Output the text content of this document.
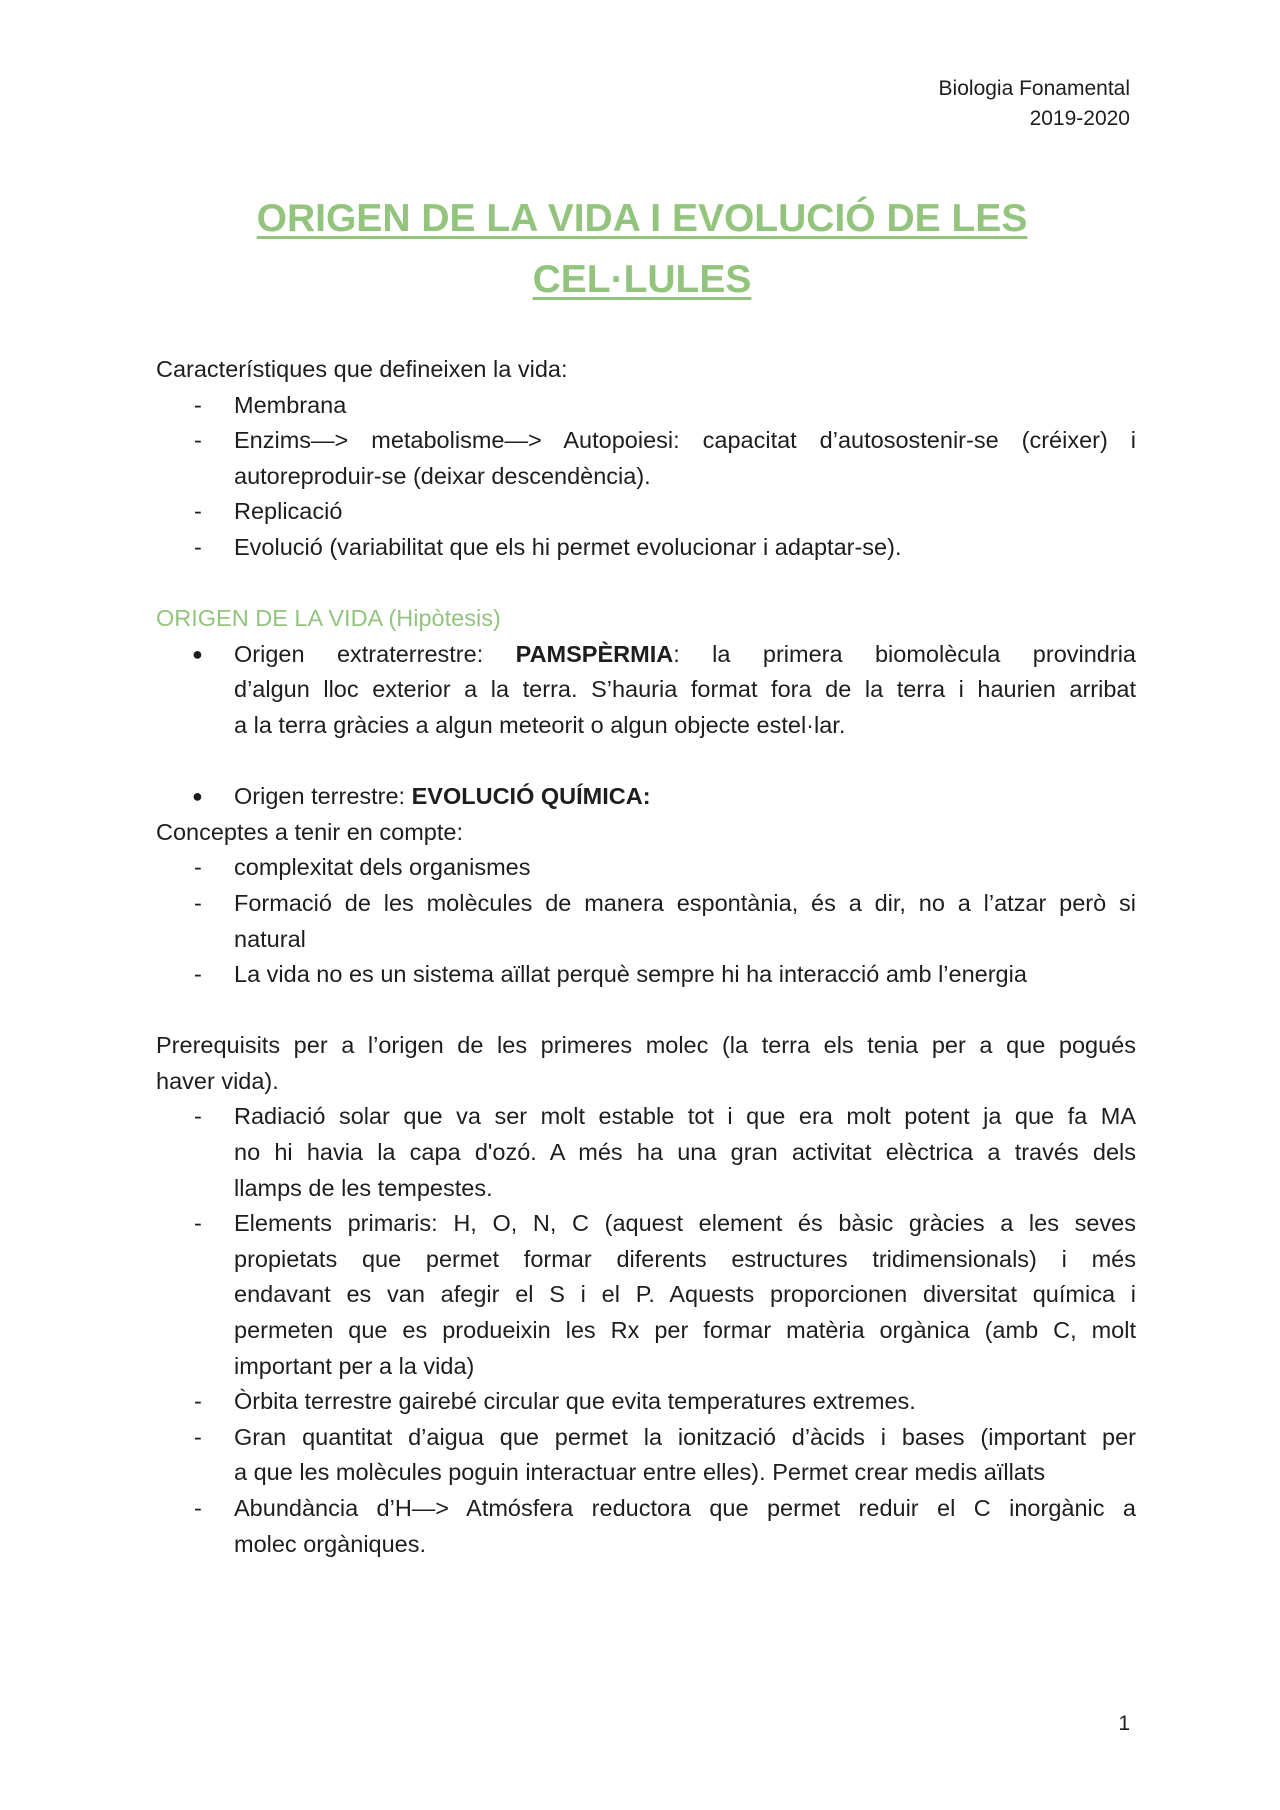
Biologia Fonamental
2019-2020
ORIGEN DE LA VIDA I EVOLUCIÓ DE LES
CEL·LULES
Característiques que defineixen la vida:
- Membrana
- Enzims—> metabolisme—> Autopoiesi: capacitat d’autosostenir-se (créixer) i
autoreproduir-se (deixar descendència).
- Replicació
- Evolució (variabilitat que els hi permet evolucionar i adaptar-se).
ORIGEN DE LA VIDA (Hipòtesis)
● Origen extraterrestre: PAMSPÈRMIA: la primera biomolècula provindria
d’algun lloc exterior a la terra. S’hauria format fora de la terra i haurien arribat
a la terra gràcies a algun meteorit o algun objecte estel·lar.
● Origen terrestre: EVOLUCIÓ QUÍMICA:
Conceptes a tenir en compte:
- complexitat dels organismes
- Formació de les molècules de manera espontània, és a dir, no a l’atzar però si
natural
- La vida no es un sistema aïllat perquè sempre hi ha interacció amb l’energia
Prerequisits per a l’origen de les primeres molec (la terra els tenia per a que pogués
haver vida).
- Radiació solar que va ser molt estable tot i que era molt potent ja que fa MA
no hi havia la capa d'ozó. A més ha una gran activitat elèctrica a través dels
llamps de les tempestes.
- Elements primaris: H, O, N, C (aquest element és bàsic gràcies a les seves
propietats que permet formar diferents estructures tridimensionals) i més
endavant es van afegir el S i el P. Aquests proporcionen diversitat química i
permeten que es produeixin les Rx per formar matèria orgànica (amb C, molt
important per a la vida)
- Òrbita terrestre gairebé circular que evita temperatures extremes.
- Gran quantitat d’aigua que permet la ionització d’àcids i bases (important per
a que les molècules poguin interactuar entre elles). Permet crear medis aïllats
- Abundància d’H—> Atmósfera reductora que permet reduir el C inorgànic a
molec orgàniques.
1
